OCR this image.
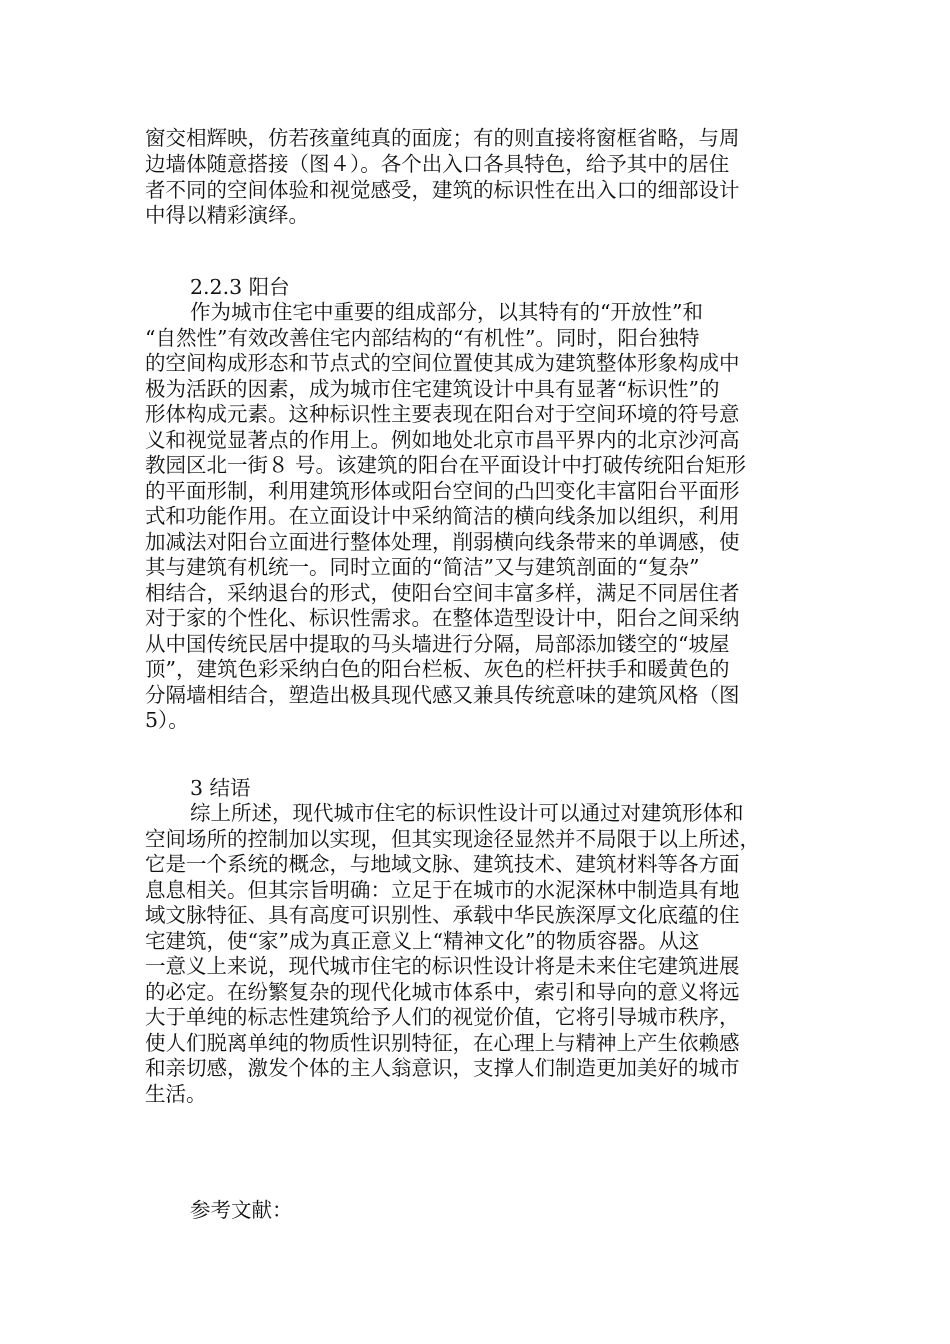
窗交相辉映，仿若孩童纯真的面庞；有的则直接将窗框省略，与周
边墙体随意搭接（图４）。各个出入口各具特色，给予其中的居住
者不同的空间体验和视觉感受，建筑的标识性在出入口的细部设计
中得以精彩演绎。
2.2.3 阳台
作为城市住宅中重要的组成部分，以其特有的“开放性”和
“自然性”有效改善住宅内部结构的“有机性”。同时，阳台独特
的空间构成形态和节点式的空间位置使其成为建筑整体形象构成中
极为活跃的因素，成为城市住宅建筑设计中具有显著“标识性”的
形体构成元素。这种标识性主要表现在阳台对于空间环境的符号意
义和视觉显著点的作用上。例如地处北京市昌平界内的北京沙河高
教园区北一街８ 号。该建筑的阳台在平面设计中打破传统阳台矩形
的平面形制，利用建筑形体或阳台空间的凸凹变化丰富阳台平面形
式和功能作用。在立面设计中采纳简洁的横向线条加以组织，利用
加减法对阳台立面进行整体处理，削弱横向线条带来的单调感，使
其与建筑有机统一。同时立面的“简洁”又与建筑剖面的“复杂”
相结合，采纳退台的形式，使阳台空间丰富多样，满足不同居住者
对于家的个性化、标识性需求。在整体造型设计中，阳台之间采纳
从中国传统民居中提取的马头墙进行分隔，局部添加镂空的“坡屋
顶”，建筑色彩采纳白色的阳台栏板、灰色的栏杆扶手和暖黄色的
分隔墙相结合，塑造出极具现代感又兼具传统意味的建筑风格（图
5）。
3 结语
综上所述，现代城市住宅的标识性设计可以通过对建筑形体和
空间场所的控制加以实现，但其实现途径显然并不局限于以上所述，
它是一个系统的概念，与地域文脉、建筑技术、建筑材料等各方面
息息相关。但其宗旨明确：立足于在城市的水泥深林中制造具有地
域文脉特征、具有高度可识别性、承载中华民族深厚文化底蕴的住
宅建筑，使“家”成为真正意义上“精神文化”的物质容器。从这
一意义上来说，现代城市住宅的标识性设计将是未来住宅建筑进展
的必定。在纷繁复杂的现代化城市体系中，索引和导向的意义将远
大于单纯的标志性建筑给予人们的视觉价值，它将引导城市秩序，
使人们脱离单纯的物质性识别特征，在心理上与精神上产生依赖感
和亲切感，激发个体的主人翁意识，支撑人们制造更加美好的城市
生活。
参考文献：
